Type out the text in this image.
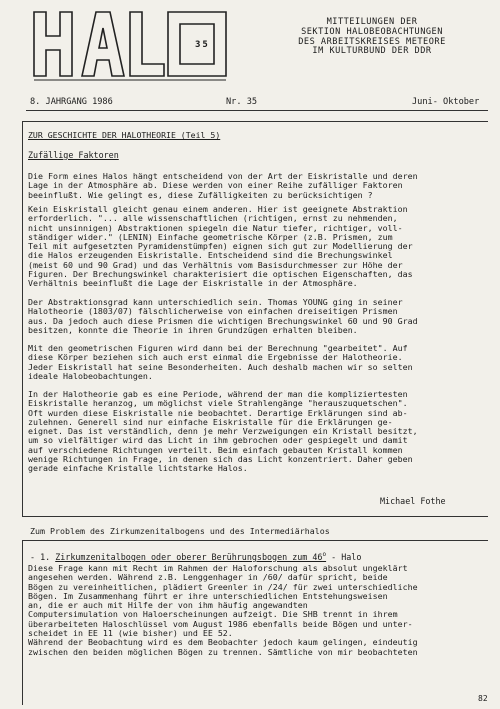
35
MITTEILUNGEN DER
SEKTION HALOBEOBACHTUNGEN
DES ARBEITSKREISES METEORE
IM KULTURBUND DER DDR
8. JAHRGANG 1986	Nr. 35	Juni- Oktober
ZUR GESCHICHTE DER HALOTHEORIE (Teil 5)
Zufällige Faktoren
Die Form eines Halos hängt entscheidend von der Art der Eiskristalle und deren
Lage in der Atmosphäre ab. Diese werden von einer Reihe zufälliger Faktoren
beeinflußt. Wie gelingt es, diese Zufälligkeiten zu berücksichtigen ?
Kein Eiskristall gleicht genau einem anderen. Hier ist geeignete Abstraktion
erforderlich. "... alle wissenschaftlichen (richtigen, ernst zu nehmenden,
nicht unsinnigen) Abstraktionen spiegeln die Natur tiefer, richtiger, voll-
ständiger wider." (LENIN) Einfache geometrische Körper (z.B. Prismen, zum
Teil mit aufgesetzten Pyramidenstümpfen) eignen sich gut zur Modellierung der
die Halos erzeugenden Eiskristalle. Entscheidend sind die Brechungswinkel
(meist 60 und 90 Grad) und das Verhältnis vom Basisdurchmesser zur Höhe der
Figuren. Der Brechungswinkel charakterisiert die optischen Eigenschaften, das
Verhältnis beeinflußt die Lage der Eiskristalle in der Atmosphäre.
Der Abstraktionsgrad kann unterschiedlich sein. Thomas YOUNG ging in seiner
Halotheorie (1803/07) fälschlicherweise von einfachen dreiseitigen Prismen
aus. Da jedoch auch diese Prismen die wichtigen Brechungswinkel 60 und 90 Grad
besitzen, konnte die Theorie in ihren Grundzügen erhalten bleiben.
Mit den geometrischen Figuren wird dann bei der Berechnung "gearbeitet". Auf
diese Körper beziehen sich auch erst einmal die Ergebnisse der Halotheorie.
Jeder Eiskristall hat seine Besonderheiten. Auch deshalb machen wir so selten
ideale Halobeobachtungen.
In der Halotheorie gab es eine Periode, während der man die kompliziertesten
Eiskristalle heranzog, um möglichst viele Strahlengänge "herauszuquetschen".
Oft wurden diese Eiskristalle nie beobachtet. Derartige Erklärungen sind ab-
zulehnen. Generell sind nur einfache Eiskristalle für die Erklärungen ge-
eignet. Das ist verständlich, denn je mehr Verzweigungen ein Kristall besitzt,
um so vielfältiger wird das Licht in ihm gebrochen oder gespiegelt und damit
auf verschiedene Richtungen verteilt. Beim einfach gebauten Kristall kommen
wenige Richtungen in Frage, in denen sich das Licht konzentriert. Daher geben
gerade einfache Kristalle lichtstarke Halos.
Michael Fothe
Zum Problem des Zirkumzenitalbogens und des Intermediärhalos
- 1. Zirkumzenitalbogen oder oberer Berührungsbogen zum 46$^o$ - Halo
Diese Frage kann mit Recht im Rahmen der Haloforschung als absolut ungeklärt
angesehen werden. Während z.B. Lenggenhager in /60/ dafür spricht, beide
Bögen zu vereinheitlichen, plädiert Greenler in /24/ für zwei unterschiedliche
Bögen. Im Zusammenhang führt er ihre unterschiedlichen Entstehungsweisen
an, die er auch mit Hilfe der von ihm häufig angewandten
Computersimulation von Haloerscheinungen aufzeigt. Die SHB trennt in ihrem
überarbeiteten Haloschlüssel vom August 1986 ebenfalls beide Bögen und unter-
scheidet in EE 11 (wie bisher) und EE 52.
Während der Beobachtung wird es dem Beobachter jedoch kaum gelingen, eindeutig
zwischen den beiden möglichen Bögen zu trennen. Sämtliche von mir beobachteten
82
